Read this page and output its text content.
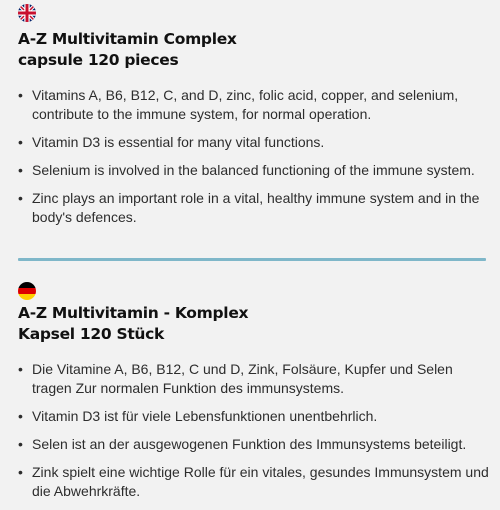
A-Z Multivitamin Complex
capsule 120 pieces
• Vitamins A, B6, B12, C, and D, zinc, folic acid, copper, and selenium, contribute to the immune system, for normal operation.
• Vitamin D3 is essential for many vital functions.
• Selenium is involved in the balanced functioning of the immune system.
• Zinc plays an important role in a vital, healthy immune system and in the body's defences.
A-Z Multivitamin - Komplex
Kapsel 120 Stück
• Die Vitamine A, B6, B12, C und D, Zink, Folsäure, Kupfer und Selen tragen Zur normalen Funktion des immunsystems.
• Vitamin D3 ist für viele Lebensfunktionen unentbehrlich.
• Selen ist an der ausgewogenen Funktion des Immunsystems beteiligt.
• Zink spielt eine wichtige Rolle für ein vitales, gesundes Immunsystem und die Abwehrkräfte.
